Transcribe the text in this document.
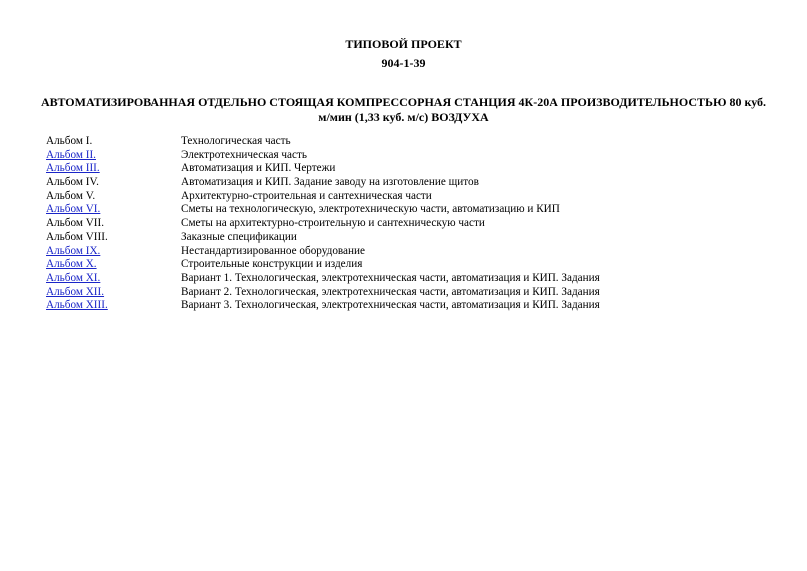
ТИПОВОЙ ПРОЕКТ
904-1-39
АВТОМАТИЗИРОВАННАЯ ОТДЕЛЬНО СТОЯЩАЯ КОМПРЕССОРНАЯ СТАНЦИЯ 4К-20А ПРОИЗВОДИТЕЛЬНОСТЬЮ 80 куб. м/мин (1,33 куб. м/с) ВОЗДУХА
Альбом I.	Технологическая часть
Альбом II.	Электротехническая часть
Альбом III.	Автоматизация и КИП. Чертежи
Альбом IV.	Автоматизация и КИП. Задание заводу на изготовление щитов
Альбом V.	Архитектурно-строительная и сантехническая части
Альбом VI.	Сметы на технологическую, электротехническую части, автоматизацию и КИП
Альбом VII.	Сметы на архитектурно-строительную и сантехническую части
Альбом VIII.	Заказные спецификации
Альбом IX.	Нестандартизированное оборудование
Альбом X.	Строительные конструкции и изделия
Альбом XI.	Вариант 1. Технологическая, электротехническая части, автоматизация и КИП. Задания
Альбом XII.	Вариант 2. Технологическая, электротехническая части, автоматизация и КИП. Задания
Альбом XIII.	Вариант 3. Технологическая, электротехническая части, автоматизация и КИП. Задания
